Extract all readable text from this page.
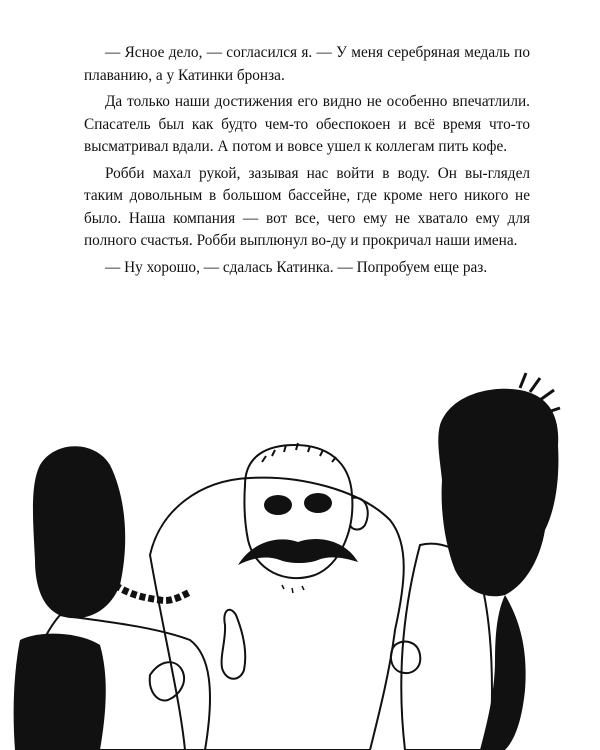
— Ясное дело, — согласился я. — У меня серебряная медаль по плаванию, а у Катинки бронза.

Да только наши достижения его видно не особенно впечатлили. Спасатель был как будто чем-то обеспокоен и всё время что-то высматривал вдали. А потом и вовсе ушел к коллегам пить кофе.

Робби махал рукой, зазывая нас войти в воду. Он вы-глядел таким довольным в большом бассейне, где кроме него никого не было. Наша компания — вот все, чего ему не хватало ему для полного счастья. Робби выплюнул во-ду и прокричал наши имена.

— Ну хорошо, — сдалась Катинка. — Попробуем еще раз.
